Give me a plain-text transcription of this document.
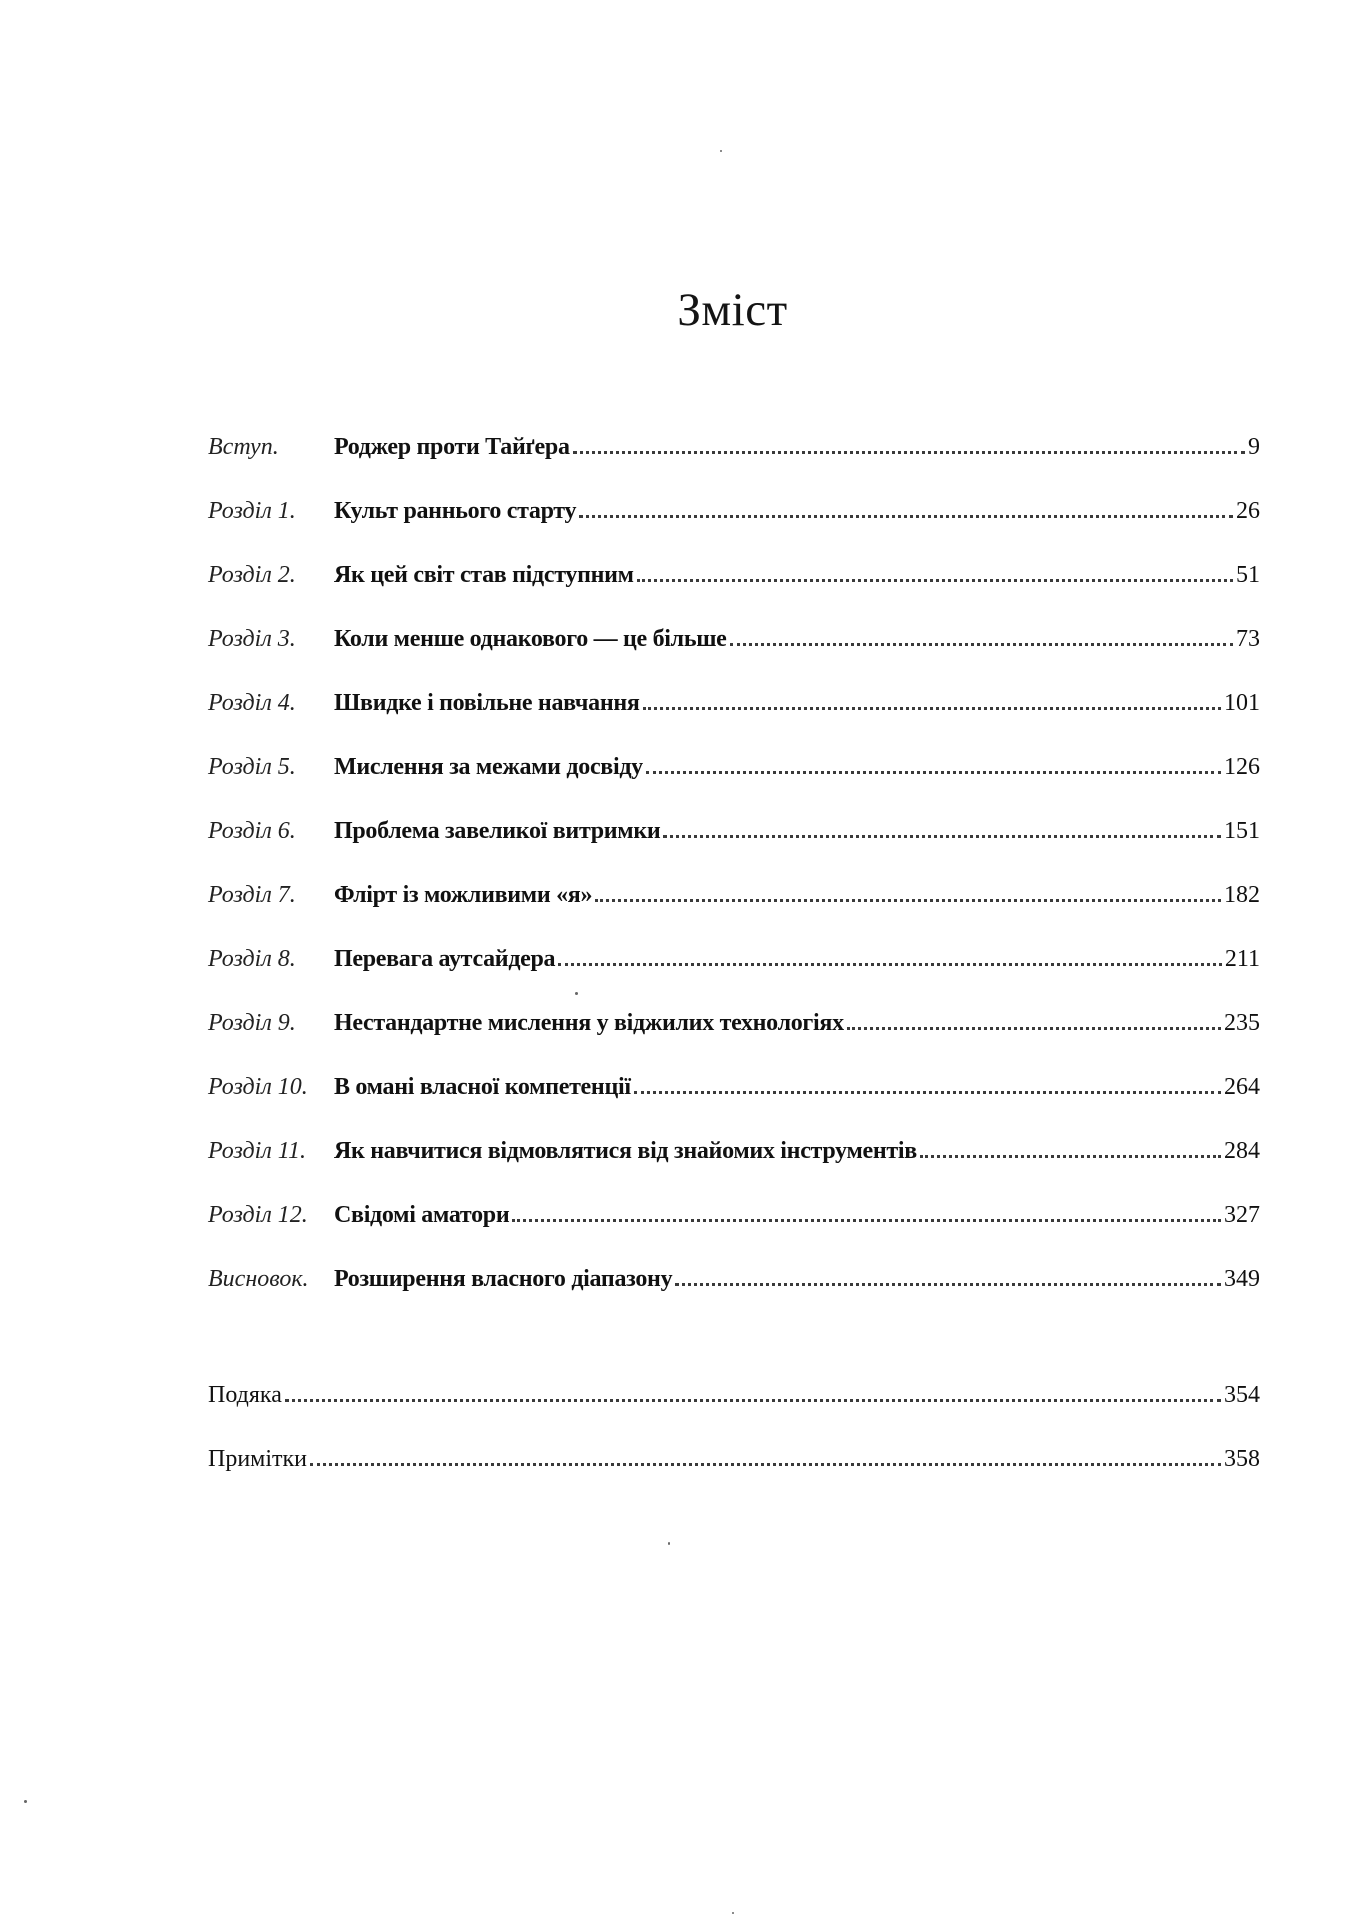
Зміст
Вступ.	Роджер проти Тайґера	9
Розділ 1.	Культ раннього старту	26
Розділ 2.	Як цей світ став підступним	51
Розділ 3.	Коли менше однакового — це більше	73
Розділ 4.	Швидке і повільне навчання	101
Розділ 5.	Мислення за межами досвіду	126
Розділ 6.	Проблема завеликої витримки	151
Розділ 7.	Флірт із можливими «я»	182
Розділ 8.	Перевага аутсайдера	211
Розділ 9.	Нестандартне мислення у віджилих технологіях	235
Розділ 10.	В омані власної компетенції	264
Розділ 11.	Як навчитися відмовлятися від знайомих інструментів	284
Розділ 12.	Свідомі аматори	327
Висновок.	Розширення власного діапазону	349
Подяка	354
Примітки	358
